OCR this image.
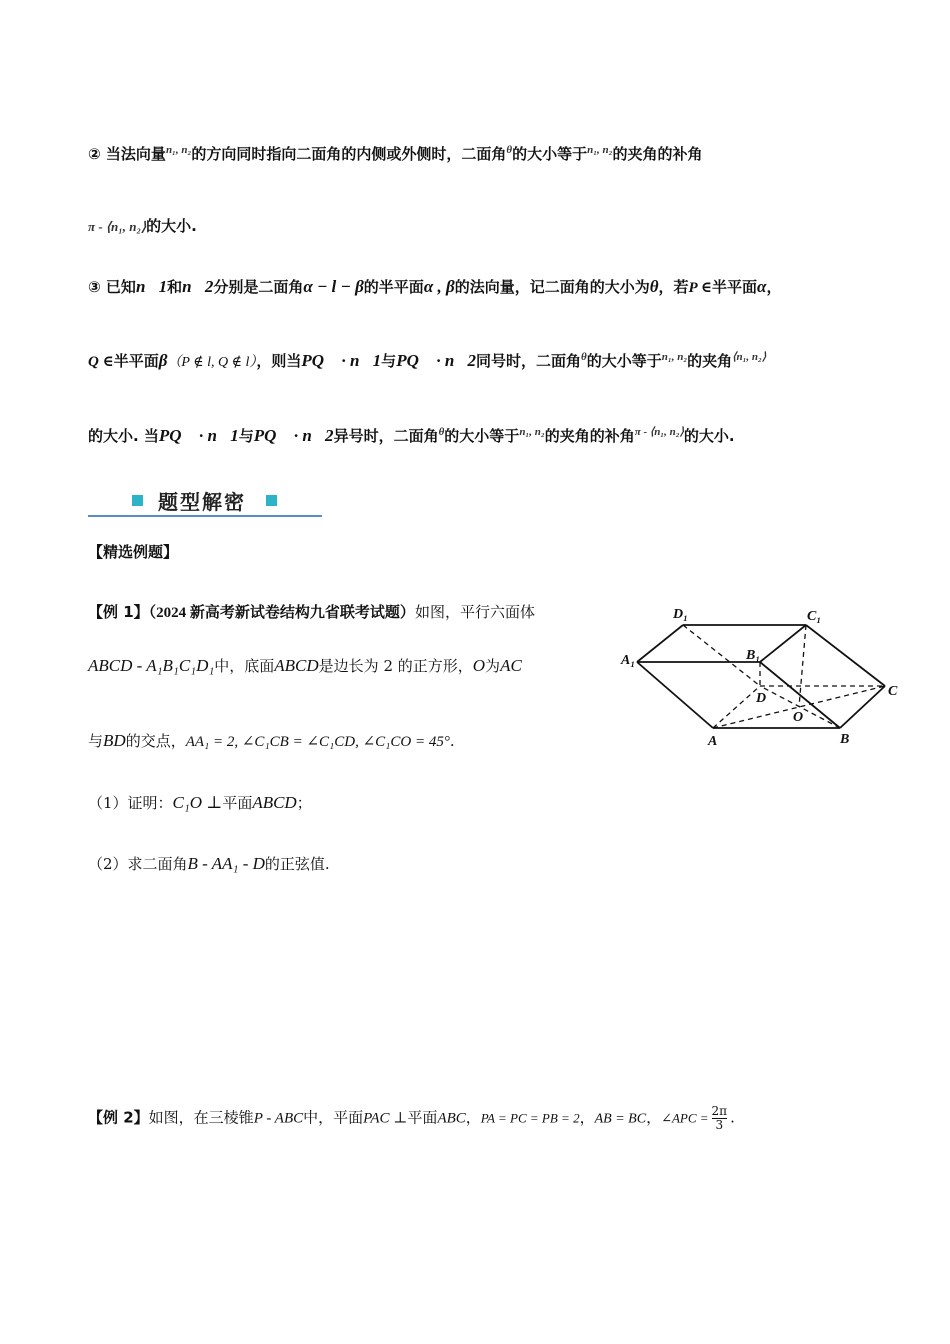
② 当法向量$^{n_1, n_2}$的方向同时指向二面角的内侧或外侧时，二面角$^\theta$的大小等于$^{n_1, n_2}$的夹角的补角
π - ⟨n₁, n₂⟩的大小.
③ 已知n⃗1和n⃗2分别是二面角α − l − β的半平面α , β的法向量，记二面角的大小为θ，若P ∈半平面α，
Q ∈半平面β（P ∉ l, Q ∉ l），则当PQ⃗ · n⃗1与PQ⃗ · n⃗2同号时，二面角$^\theta$的大小等于$^{n_1, n_2}$的夹角$^{⟨n_1, n_2⟩}$
的大小. 当PQ⃗ · n⃗1与PQ⃗ · n⃗2异号时，二面角$^\theta$的大小等于$^{n_1, n_2}$的夹角的补角$^{\pi - ⟨n_1, n_2⟩}$的大小.
题型解密
【精选例题】
【例 1】（2024 新高考新试卷结构九省联考试题）如图，平行六面体
ABCD - A₁B₁C₁D₁中，底面ABCD是边长为 2 的正方形，O为AC
与BD的交点，AA₁ = 2, ∠C₁CB = ∠C₁CD, ∠C₁CO = 45°.
（1）证明：C₁O ⊥平面ABCD；
（2）求二面角B - AA₁ - D的正弦值.
D₁	C₁
A₁	B₁
D
O
C
A	B
【例 2】如图，在三棱锥P - ABC中，平面PAC ⊥平面ABC，PA = PC = PB = 2，AB = BC，∠APC = $\frac{2\pi}{3}$ .
